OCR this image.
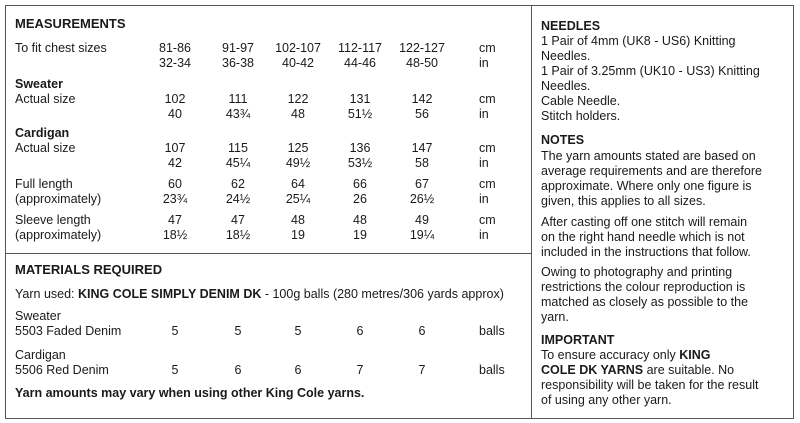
MEASUREMENTS
To fit chest sizes	81-86	91-97	102-107	112-117	122-127	cm
32-34	36-38	40-42	44-46	48-50	in
Sweater
Actual size	102	111	122	131	142	cm
40	43¾	48	51½	56	in
Cardigan
Actual size	107	115	125	136	147	cm
42	45¼	49½	53½	58	in
Full length
(approximately)
60	62	64	66	67	cm
23¾	24½	25¼	26	26½	in
Sleeve length
(approximately)
47	47	48	48	49	cm
18½	18½	19	19	19¼	in
MATERIALS REQUIRED
Yarn used: KING COLE SIMPLY DENIM DK - 100g balls (280 metres/306 yards approx)
Sweater
5503 Faded Denim	5	5	5	6	6	balls
Cardigan
5506 Red Denim	5	6	6	7	7	balls
Yarn amounts may vary when using other King Cole yarns.
NEEDLES

1 Pair of 4mm (UK8 - US6) Knitting

Needles.

1 Pair of 3.25mm (UK10 - US3) Knitting

Needles.

Cable Needle.

Stitch holders.

NOTES

The yarn amounts stated are based on

average requirements and are therefore

approximate. Where only one figure is

given, this applies to all sizes.

After casting off one stitch will remain

on the right hand needle which is not

included in the instructions that follow.

Owing to photography and printing

restrictions the colour reproduction is

matched as closely as possible to the

yarn.

IMPORTANT

To ensure accuracy only KING

COLE DK YARNS are suitable. No

responsibility will be taken for the result

of using any other yarn.
